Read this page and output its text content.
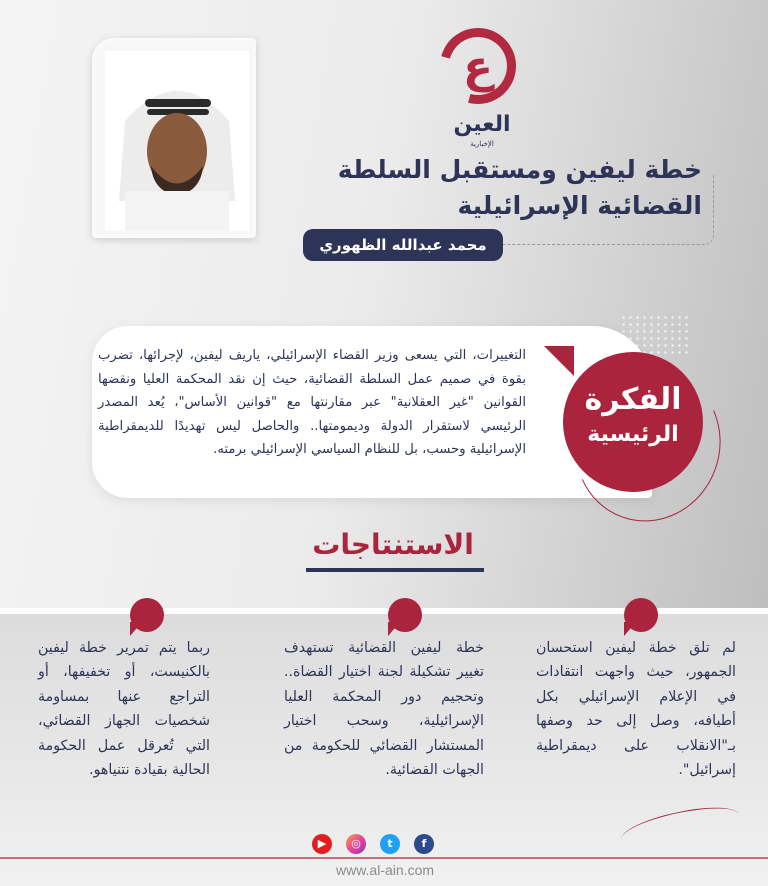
ع
العين
الإخبارية
خطة ليفين ومستقبل السلطة
القضائية الإسرائيلية
محمد عبدالله الظهوري
التغييرات، التي يسعى وزير القضاء الإسرائيلي، ياريف ليفين، لإجرائها، تضرب بقوة في صميم عمل السلطة القضائية، حيث إن نقد المحكمة العليا ونقضها القوانين "غير العقلانية" عبر مقارنتها مع "قوانين الأساس"، يُعد المصدر الرئيسي لاستقرار الدولة وديمومتها.. والحاصل ليس تهديدًا للديمقراطية الإسرائيلية وحسب، بل للنظام السياسي الإسرائيلي برمته.
الفكرة
الرئيسية
الاستنتاجات
لم تلق خطة ليفين استحسان الجمهور، حيث واجهت انتقادات في الإعلام الإسرائيلي بكل أطيافه، وصل إلى حد وصفها بـ"الانقلاب على ديمقراطية إسرائيل".
خطة ليفين القضائية تستهدف تغيير تشكيلة لجنة اختيار القضاة.. وتحجيم دور المحكمة العليا الإسرائيلية، وسحب اختيار المستشار القضائي للحكومة من الجهات القضائية.
ربما يتم تمرير خطة ليفين بالكنيست، أو تخفيفها، أو التراجع عنها بمساومة شخصيات الجهاز القضائي، التي تُعرقل عمل الحكومة الحالية بقيادة نتنياهو.
▶	◎	t	f
www.al-ain.com
